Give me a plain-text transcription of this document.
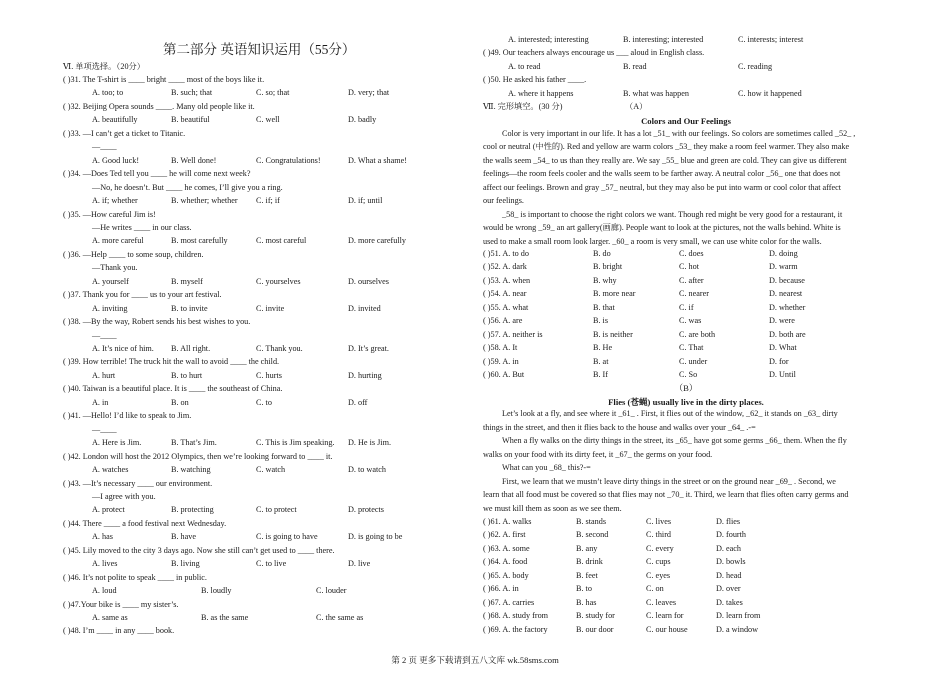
第二部分 英语知识运用（55分）
Ⅵ. 单项选择。（20分）
( )31. The T-shirt is ____ bright ____ most of the boys like it.
A. too; to	B. such; that	C. so; that	D. very; that
( )32. Beijing Opera sounds ____. Many old people like it.
A. beautifully	B. beautiful	C. well	D. badly
( )33. —I can’t get a ticket to Titanic.
—____
A. Good luck!	B. Well done!	C. Congratulations!	D. What a shame!
( )34. —Does Ted tell you ____ he will come next week?
—No, he doesn’t. But ____ he comes, I’ll give you a ring.
A. if; whether	B. whether; whether C. if; if	D. if; until
( )35. —How careful Jim is!
—He writes ____ in our class.
A. more careful	B. most carefully	C. most careful	D. more carefully
( )36. —Help ____ to some soup, children.
—Thank you.
A. yourself	B. myself	C. yourselves	D. ourselves
( )37. Thank you for ____ us to your art festival.
A. inviting	B. to invite	C. invite	D. invited
( )38. —By the way, Robert sends his best wishes to you.
—____
A. It’s nice of him. B. All right.	C. Thank you.	D. It’s great.
( )39. How terrible! The truck hit the wall to avoid ____ the child.
A. hurt	B. to hurt	C. hurts	D. hurting
( )40. Taiwan is a beautiful place. It is ____ the southeast of China.
A. in	B. on	C. to	D. off
( )41. —Hello! I’d like to speak to Jim.
—____
A. Here is Jim.	B. That’s Jim.	C. This is Jim speaking. D. He is Jim.
( )42. London will host the 2012 Olympics, then we’re looking forward to ____ it.
A. watches	B. watching	C. watch	D. to watch
( )43. —It’s necessary ____ our environment.
—I agree with you.
A. protect	B. protecting	C. to protect	D. protects
( )44. There ____ a food festival next Wednesday.
A. has	B. have	C. is going to have	D. is going to be
( )45. Lily moved to the city 3 days ago. Now she still can’t get used to ____ there.
A. lives	B. living	C. to live	D. live
( )46. It’s not polite to speak ____ in public.
A. loud	B. loudly	C. louder
( )47.Your bike is ____ my sister’s.
A. same as	B. as the same	C. the same as
( )48. I’m ____ in any ____ book.
A. interested; interesting	B. interesting; interested	C. interests; interest
( )49. Our teachers always encourage us ___ aloud in English class.
A. to read	B. read	C. reading
( )50. He asked his father ____.
A. where it happens	B. what was happen	C. how it happened
Ⅶ. 完形填空。(30 分)	（A）
Colors and Our Feelings
Color is very important in our life. It has a lot _51_ with our feelings. So colors are sometimes called _52_ ,
cool or neutral (中性的). Red and yellow are warm colors _53_ they make a room feel warmer. They also make
the walls seem _54_ to us than they really are. We say _55_ blue and green are cold. They can give us different
feelings—the room feels cooler and the walls seem to be farther away. A neutral color _56_ one that does not
affect our feelings. Brown and gray _57_ neutral, but they may also be put into warm or cool color that affect
our feelings.
_58_ is important to choose the right colors we want. Though red might be very good for a restaurant, it
would be wrong _59_ an art gallery(画廊). People want to look at the pictures, not the walls behind. White is
used to make a small room look larger. _60_ a room is very small, we can use white color for the walls.
( )51. A. to do	B. do	C. does	D. doing
( )52. A. dark	B. bright	C. hot	D. warm
( )53. A. when	B. why	C. after	D. because
( )54. A. near	B. more near	C. nearer	D. nearest
( )55. A. what	B. that	C. if	D. whether
( )56. A. are	B. is	C. was	D. were
( )57. A. neither is	B. is neither	C. are both	D. both are
( )58. A. It	B. He	C. That	D. What
( )59. A. in	B. at	C. under	D. for
( )60. A. But	B. If	C. So	D. Until
（B）
Flies (苍蝇) usually live in the dirty places.
Let’s look at a fly, and see where it _61_ . First, it flies out of the window, _62_ it stands on _63_ dirty
things in the street, and then it flies back to the house and walks over your _64_ .-=
When a fly walks on the dirty things in the street, its _65_ have got some germs _66_ them. When the fly
walks on your food with its dirty feet, it _67_ the germs on your food.
What can you _68_ this?-=
First, we learn that we mustn’t leave dirty things in the street or on the ground near _69_ . Second, we
learn that all food must be covered so that flies may not _70_ it. Third, we learn that flies often carry germs and
we must kill them as soon as we see them.
( )61. A. walks	B. stands	C. lives	D. flies
( )62. A. first	B. second	C. third	D. fourth
( )63. A. some	B. any	C. every	D. each
( )64. A. food	B. drink	C. cups	D. bowls
( )65. A. body	B. feet	C. eyes	D. head
( )66. A. in	B. to	C. on	D. over
( )67. A. carries	B. has	C. leaves	D. takes
( )68. A. study from	B. study for	C. learn for	D. learn from
( )69. A. the factory	B. our door	C. our house	D. a window
第 2 页 更多下载请到五八文库 wk.58sms.com
